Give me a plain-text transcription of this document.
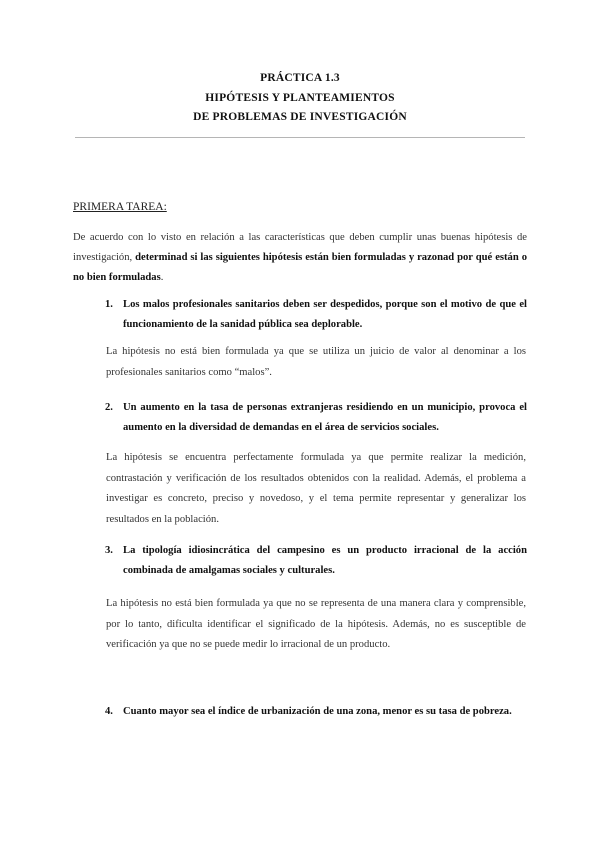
PRÁCTICA 1.3
HIPÓTESIS Y PLANTEAMIENTOS
DE PROBLEMAS DE INVESTIGACIÓN
PRIMERA TAREA:

De acuerdo con lo visto en relación a las características que deben cumplir unas buenas hipótesis de investigación, determinad si las siguientes hipótesis están bien formuladas y razonad por qué están o no bien formuladas.

1. Los malos profesionales sanitarios deben ser despedidos, porque son el motivo de que el funcionamiento de la sanidad pública sea deplorable.

La hipótesis no está bien formulada ya que se utiliza un juicio de valor al denominar a los profesionales sanitarios como “malos”.

2. Un aumento en la tasa de personas extranjeras residiendo en un municipio, provoca el aumento en la diversidad de demandas en el área de servicios sociales.

La hipótesis se encuentra perfectamente formulada ya que permite realizar la medición, contrastación y verificación de los resultados obtenidos con la realidad. Además, el problema a investigar es concreto, preciso y novedoso, y el tema permite representar y generalizar los resultados en la población.

3. La tipología idiosincrática del campesino es un producto irracional de la acción combinada de amalgamas sociales y culturales.

La hipótesis no está bien formulada ya que no se representa de una manera clara y comprensible, por lo tanto, dificulta identificar el significado de la hipótesis. Además, no es susceptible de verificación ya que no se puede medir lo irracional de un producto.

4. Cuanto mayor sea el índice de urbanización de una zona, menor es su tasa de pobreza.
